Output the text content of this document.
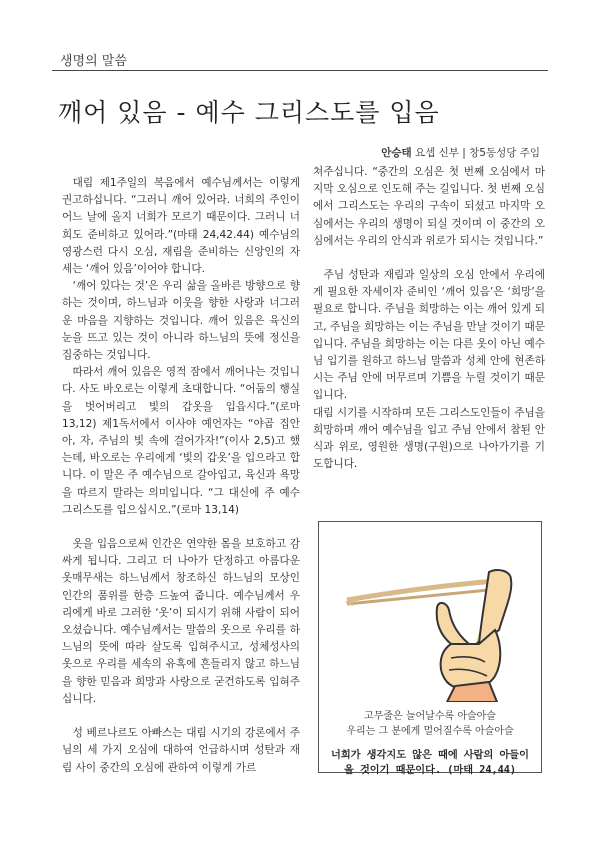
생명의 말씀
깨어 있음 - 예수 그리스도를 입음
안승태 요셉 신부 | 창5동성당 주임

대림 제1주일의 복음에서 예수님께서는 이렇게 권고하십니다. “그러니 깨어 있어라. 너희의 주인이 어느 날에 올지 너희가 모르기 때문이다. 그러니 너희도 준비하고 있어라.”(마태 24,42.44) 예수님의 영광스런 다시 오심, 재림을 준비하는 신앙인의 자세는 ‘깨어 있음’이어야 합니다.

‘깨어 있다는 것’은 우리 삶을 올바른 방향으로 향하는 것이며, 하느님과 이웃을 향한 사랑과 너그러운 마음을 지향하는 것입니다. 깨어 있음은 육신의 눈을 뜨고 있는 것이 아니라 하느님의 뜻에 정신을 집중하는 것입니다.

따라서 깨어 있음은 영적 잠에서 깨어나는 것입니다. 사도 바오로는 이렇게 초대합니다. “어둠의 행실을 벗어버리고 빛의 갑옷을 입읍시다.”(로마 13,12) 제1독서에서 이사야 예언자는 “야곱 집안아, 자, 주님의 빛 속에 걸어가자!”(이사 2,5)고 했는데, 바오로는 우리에게 ‘빛의 갑옷’을 입으라고 합니다. 이 말은 주 예수님으로 갈아입고, 육신과 욕망을 따르지 말라는 의미입니다. “그 대신에 주 예수 그리스도를 입으십시오.”(로마 13,14)

옷을 입음으로써 인간은 연약한 몸을 보호하고 감싸게 됩니다. 그리고 더 나아가 단정하고 아름다운 옷매무새는 하느님께서 창조하신 하느님의 모상인 인간의 품위를 한층 드높여 줍니다. 예수님께서 우리에게 바로 그러한 ‘옷’이 되시기 위해 사람이 되어 오셨습니다. 예수님께서는 말씀의 옷으로 우리를 하느님의 뜻에 따라 살도록 입혀주시고, 성체성사의 옷으로 우리를 세속의 유혹에 흔들리지 않고 하느님을 향한 믿음과 희망과 사랑으로 굳건하도록 입혀주십니다.

성 베르나르도 아빠스는 대림 시기의 강론에서 주님의 세 가지 오심에 대하여 언급하시며 성탄과 재림 사이 중간의 오심에 관하여 이렇게 가르

쳐주십니다. “중간의 오심은 첫 번째 오심에서 마지막 오심으로 인도해 주는 길입니다. 첫 번째 오심에서 그리스도는 우리의 구속이 되셨고 마지막 오심에서는 우리의 생명이 되실 것이며 이 중간의 오심에서는 우리의 안식과 위로가 되시는 것입니다.”

주님 성탄과 재림과 일상의 오심 안에서 우리에게 필요한 자세이자 준비인 ‘깨어 있음’은 ‘희망’을 필요로 합니다. 주님을 희망하는 이는 깨어 있게 되고, 주님을 희망하는 이는 주님을 만날 것이기 때문입니다. 주님을 희망하는 이는 다른 옷이 아닌 예수님 입기를 원하고 하느님 말씀과 성체 안에 현존하시는 주님 안에 머무르며 기쁨을 누릴 것이기 때문입니다.

대림 시기를 시작하며 모든 그리스도인들이 주님을 희망하며 깨어 예수님을 입고 주님 안에서 참된 안식과 위로, 영원한 생명(구원)으로 나아가기를 기도합니다.

고무줄은 늘어날수록 아슬아슬
우리는 그 분에게 멀어질수록 아슬아슬
너희가 생각지도 않은 때에 사람의 아들이 올 것이기 때문이다. (마태 24,44)
